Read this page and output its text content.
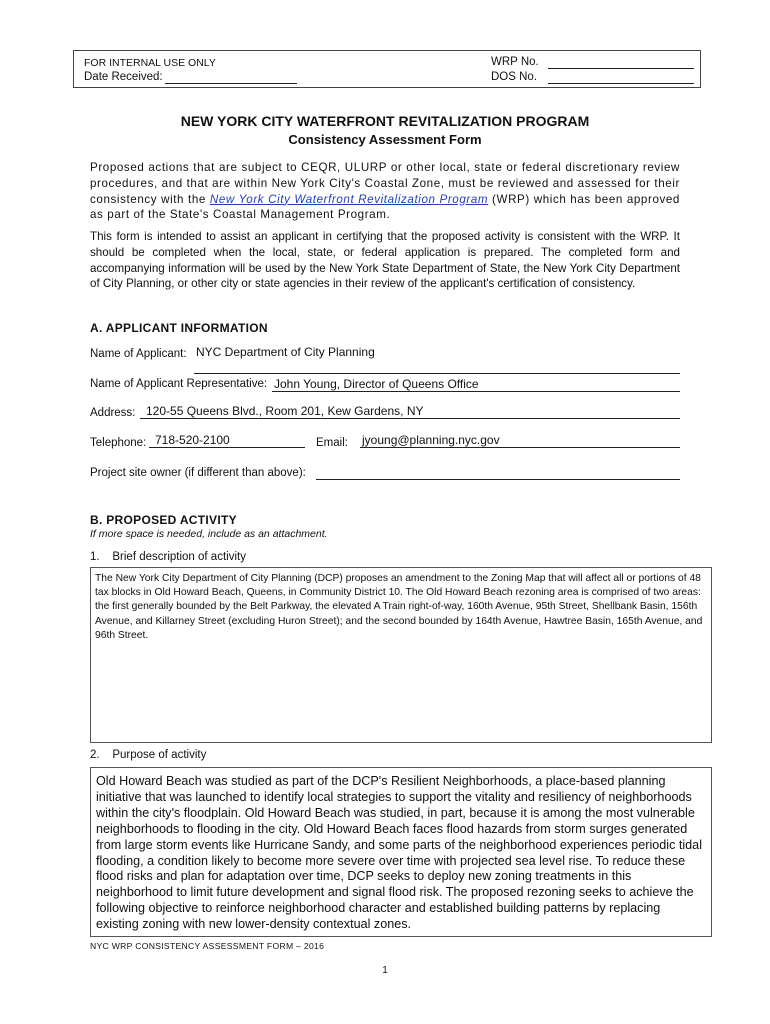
FOR INTERNAL USE ONLY
Date Received:
WRP No.
DOS No.
NEW YORK CITY WATERFRONT REVITALIZATION PROGRAM
Consistency Assessment Form
Proposed actions that are subject to CEQR, ULURP or other local, state or federal discretionary review procedures, and that are within New York City's Coastal Zone, must be reviewed and assessed for their consistency with the New York City Waterfront Revitalization Program (WRP) which has been approved as part of the State's Coastal Management Program.
This form is intended to assist an applicant in certifying that the proposed activity is consistent with the WRP. It should be completed when the local, state, or federal application is prepared. The completed form and accompanying information will be used by the New York State Department of State, the New York City Department of City Planning, or other city or state agencies in their review of the applicant's certification of consistency.
A. APPLICANT INFORMATION
Name of Applicant: NYC Department of City Planning
Name of Applicant Representative: John Young, Director of Queens Office
Address: 120-55 Queens Blvd., Room 201, Kew Gardens, NY
Telephone: 718-520-2100	Email: jyoung@planning.nyc.gov
Project site owner (if different than above):
B. PROPOSED ACTIVITY
If more space is needed, include as an attachment.
1.    Brief description of activity
The New York City Department of City Planning (DCP) proposes an amendment to the Zoning Map that will affect all or portions of 48 tax blocks in Old Howard Beach, Queens, in Community District 10. The Old Howard Beach rezoning area is comprised of two areas: the first generally bounded by the Belt Parkway, the elevated A Train right-of-way, 160th Avenue, 95th Street, Shellbank Basin, 156th Avenue, and Killarney Street (excluding Huron Street); and the second bounded by 164th Avenue, Hawtree Basin, 165th Avenue, and 96th Street.
2.    Purpose of activity
Old Howard Beach was studied as part of the DCP's Resilient Neighborhoods, a place-based planning initiative that was launched to identify local strategies to support the vitality and resiliency of neighborhoods within the city's floodplain. Old Howard Beach was studied, in part, because it is among the most vulnerable neighborhoods to flooding in the city. Old Howard Beach faces flood hazards from storm surges generated from large storm events like Hurricane Sandy, and some parts of the neighborhood experiences periodic tidal flooding, a condition likely to become more severe over time with projected sea level rise. To reduce these flood risks and plan for adaptation over time, DCP seeks to deploy new zoning treatments in this neighborhood to limit future development and signal flood risk. The proposed rezoning seeks to achieve the following objective to reinforce neighborhood character and established building patterns by replacing existing zoning with new lower-density contextual zones.
NYC WRP CONSISTENCY ASSESSMENT FORM – 2016
1
